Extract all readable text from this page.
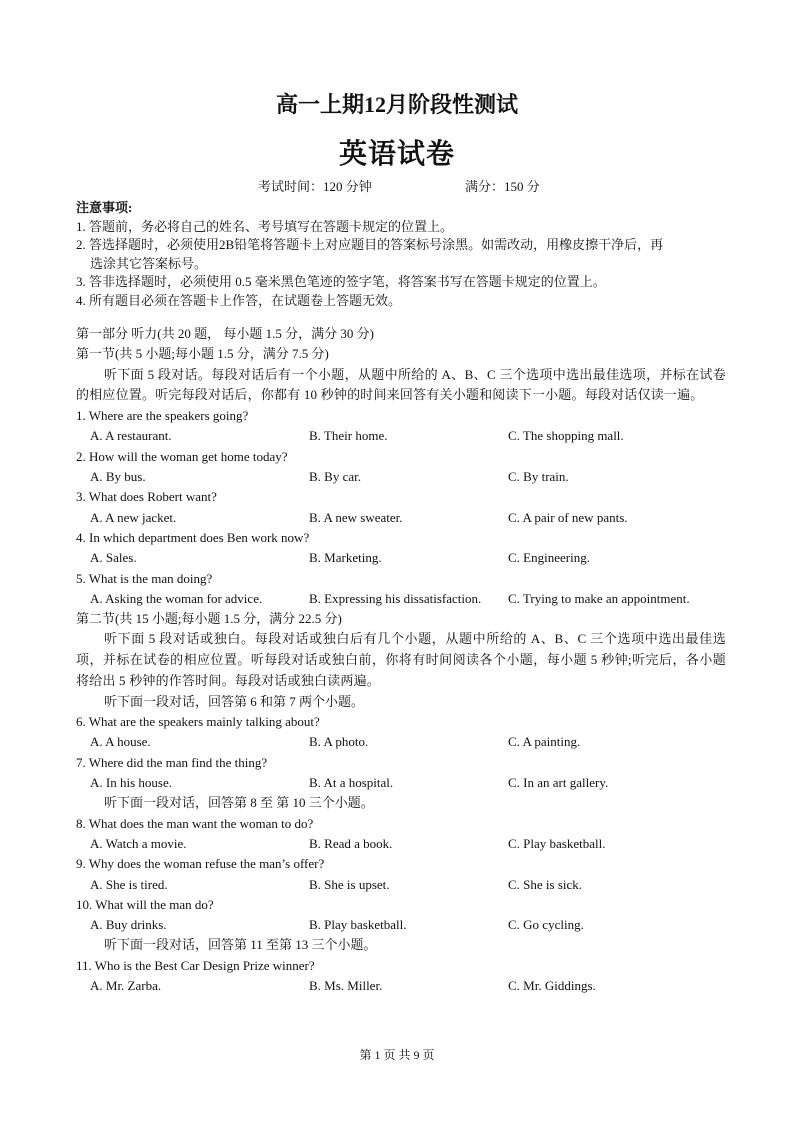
高一上期12月阶段性测试
英语试卷
考试时间：120 分钟	满分：150 分
注意事项:
1. 答题前，务必将自己的姓名、考号填写在答题卡规定的位置上。
2. 答选择题时，必须使用2B铅笔将答题卡上对应题目的答案标号涂黑。如需改动，用橡皮擦干净后，再
选涂其它答案标号。
3. 答非选择题时，必须使用 0.5 毫米黑色笔迹的签字笔，将答案书写在答题卡规定的位置上。
4. 所有题目必须在答题卡上作答，在试题卷上答题无效。
第一部分 听力(共 20 题， 每小题 1.5 分，满分 30 分)
第一节(共 5 小题;每小题 1.5 分，满分 7.5 分)
听下面 5 段对话。每段对话后有一个小题，从题中所给的 A、B、C 三个选项中选出最佳选项，并标在试卷的相应位置。听完每段对话后，你都有 10 秒钟的时间来回答有关小题和阅读下一小题。每段对话仅读一遍。
1. Where are the speakers going?
A. A restaurant.	B. Their home.	C. The shopping mall.
2. How will the woman get home today?
A. By bus.	B. By car.	C. By train.
3. What does Robert want?
A. A new jacket.	B. A new sweater.	C. A pair of new pants.
4. In which department does Ben work now?
A. Sales.	B. Marketing.	C. Engineering.
5. What is the man doing?
A. Asking the woman for advice.	B. Expressing his dissatisfaction. C. Trying to make an appointment.
第二节(共 15 小题;每小题 1.5 分，满分 22.5 分)
听下面 5 段对话或独白。每段对话或独白后有几个小题，从题中所给的 A、B、C 三个选项中选出最佳选项，并标在试卷的相应位置。听每段对话或独白前，你将有时间阅读各个小题，每小题 5 秒钟;听完后，各小题将给出 5 秒钟的作答时间。每段对话或独白读两遍。
听下面一段对话，回答第 6 和第 7 两个小题。
6. What are the speakers mainly talking about?
A. A house.	B. A photo.	C. A painting.
7. Where did the man find the thing?
A. In his house.	B. At a hospital.	C. In an art gallery.
听下面一段对话，回答第 8 至 第 10 三个小题。
8. What does the man want the woman to do?
A. Watch a movie.	B. Read a book.	C. Play basketball.
9. Why does the woman refuse the man’s offer?
A. She is tired.	B. She is upset.	C. She is sick.
10. What will the man do?
A. Buy drinks.	B. Play basketball.	C. Go cycling.
听下面一段对话，回答第 11 至第 13 三个小题。
11. Who is the Best Car Design Prize winner?
A. Mr. Zarba.	B. Ms. Miller.	C. Mr. Giddings.
第 1 页 共 9 页
